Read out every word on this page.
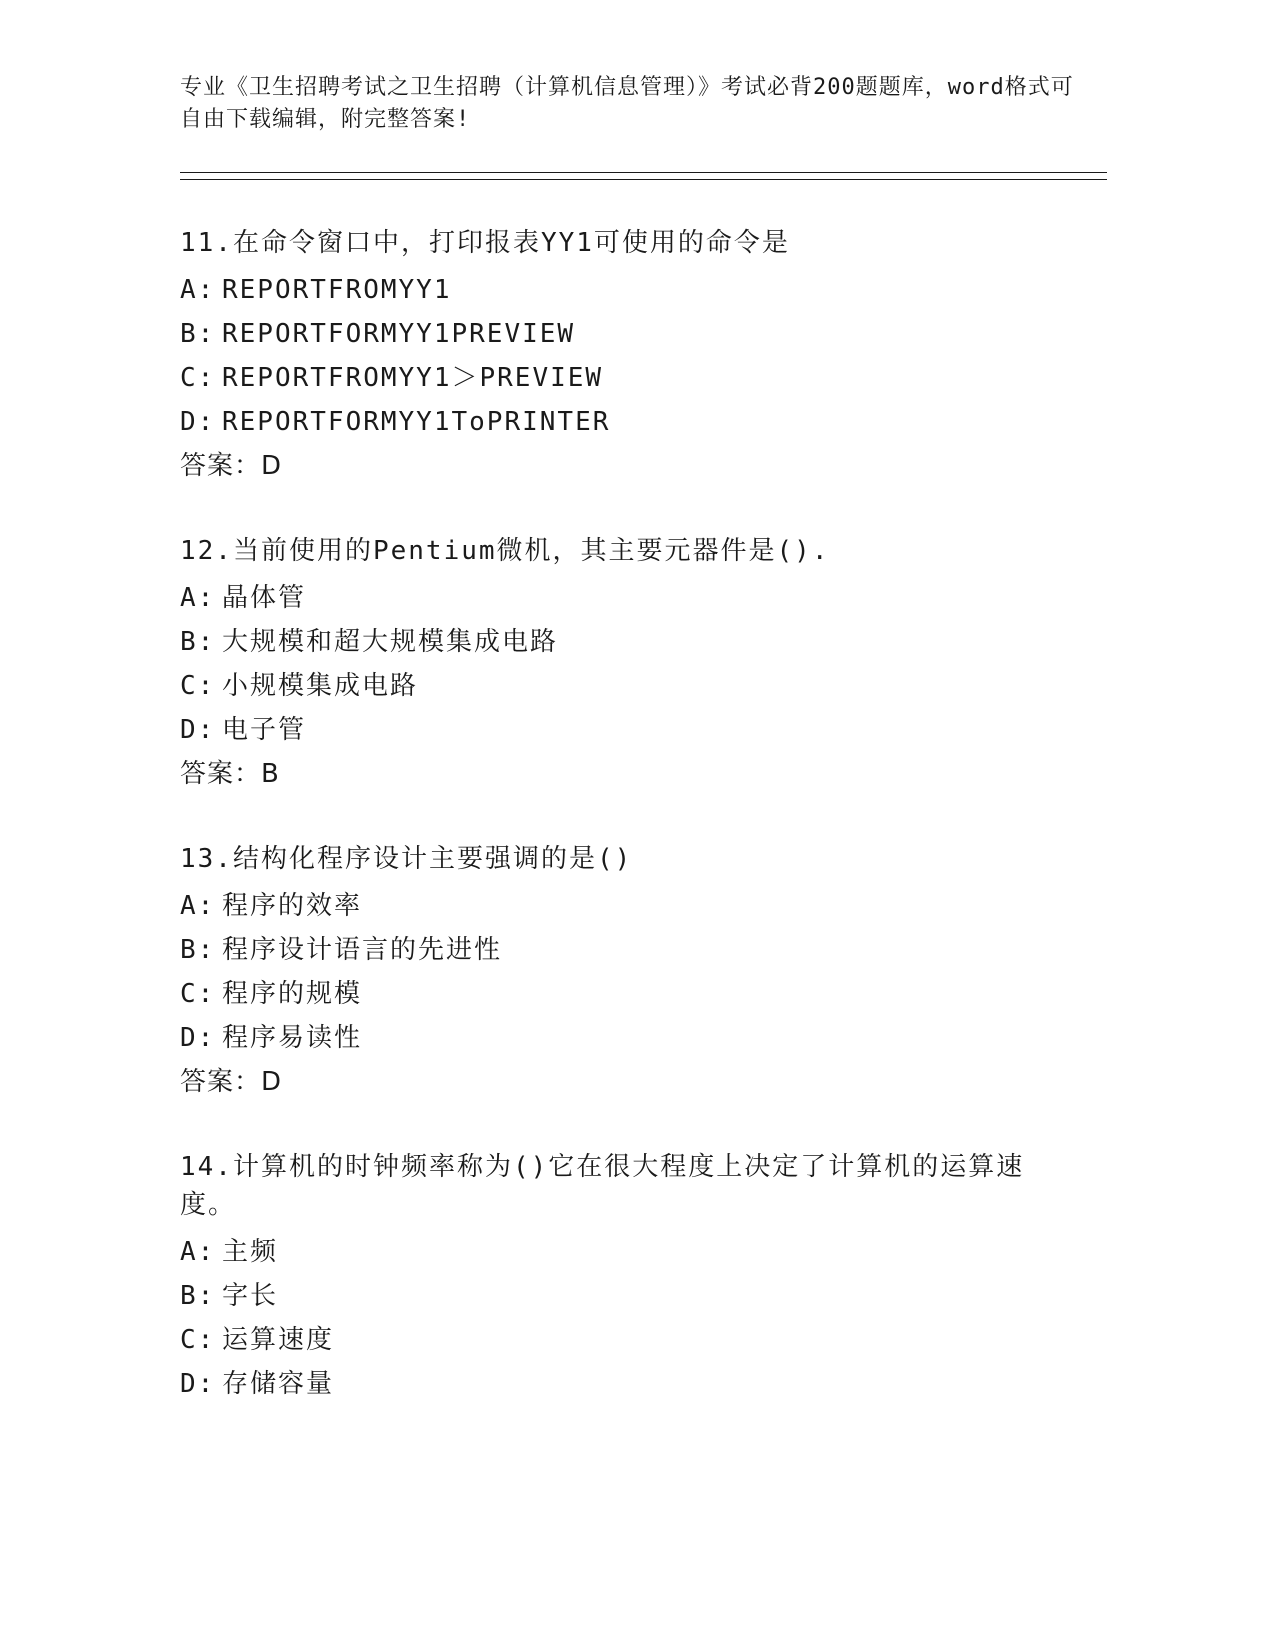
专业《卫生招聘考试之卫生招聘（计算机信息管理）》考试必背200题题库，word格式可自由下载编辑，附完整答案!
11.在命令窗口中，打印报表YY1可使用的命令是
A: REPORTFROMYY1
B: REPORTFORMYY1PREVIEW
C: REPORTFROMYY1＞PREVIEW
D: REPORTFORMYY1ToPRINTER
答案：D
12.当前使用的Pentium微机，其主要元器件是().
A: 晶体管
B: 大规模和超大规模集成电路
C: 小规模集成电路
D: 电子管
答案：B
13.结构化程序设计主要强调的是()
A: 程序的效率
B: 程序设计语言的先进性
C: 程序的规模
D: 程序易读性
答案：D
14.计算机的时钟频率称为()它在很大程度上决定了计算机的运算速度。
A: 主频
B: 字长
C: 运算速度
D: 存储容量
